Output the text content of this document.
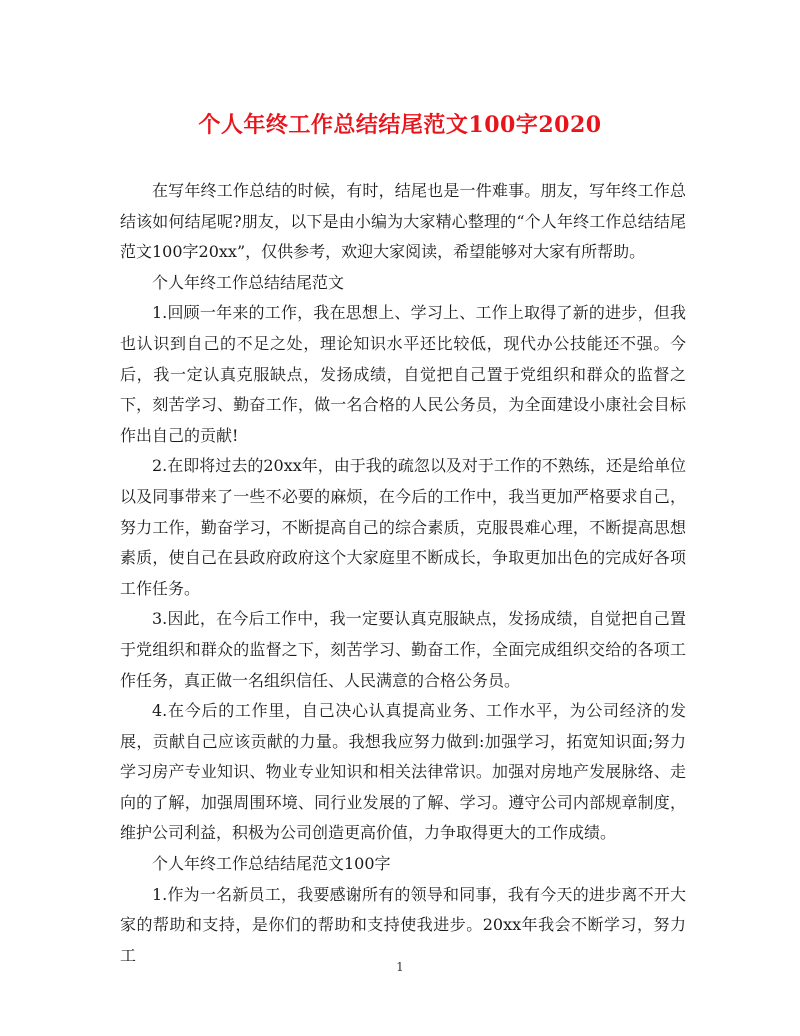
个人年终工作总结结尾范文100字2020

在写年终工作总结的时候，有时，结尾也是一件难事。朋友，写年终工作总结该如何结尾呢?朋友，以下是由小编为大家精心整理的“个人年终工作总结结尾范文100字20xx”，仅供参考，欢迎大家阅读，希望能够对大家有所帮助。

个人年终工作总结结尾范文

1.回顾一年来的工作，我在思想上、学习上、工作上取得了新的进步，但我也认识到自己的不足之处，理论知识水平还比较低，现代办公技能还不强。今后，我一定认真克服缺点，发扬成绩，自觉把自己置于党组织和群众的监督之下，刻苦学习、勤奋工作，做一名合格的人民公务员，为全面建设小康社会目标作出自己的贡献!

2.在即将过去的20xx年，由于我的疏忽以及对于工作的不熟练，还是给单位以及同事带来了一些不必要的麻烦，在今后的工作中，我当更加严格要求自己，努力工作，勤奋学习，不断提高自己的综合素质，克服畏难心理，不断提高思想素质，使自己在县政府政府这个大家庭里不断成长，争取更加出色的完成好各项工作任务。

3.因此，在今后工作中，我一定要认真克服缺点，发扬成绩，自觉把自己置于党组织和群众的监督之下，刻苦学习、勤奋工作，全面完成组织交给的各项工作任务，真正做一名组织信任、人民满意的合格公务员。

4.在今后的工作里，自己决心认真提高业务、工作水平，为公司经济的发展，贡献自己应该贡献的力量。我想我应努力做到:加强学习，拓宽知识面;努力学习房产专业知识、物业专业知识和相关法律常识。加强对房地产发展脉络、走向的了解，加强周围环境、同行业发展的了解、学习。遵守公司内部规章制度，维护公司利益，积极为公司创造更高价值，力争取得更大的工作成绩。

个人年终工作总结结尾范文100字

1.作为一名新员工，我要感谢所有的领导和同事，我有今天的进步离不开大家的帮助和支持，是你们的帮助和支持使我进步。20xx年我会不断学习，努力工

1
